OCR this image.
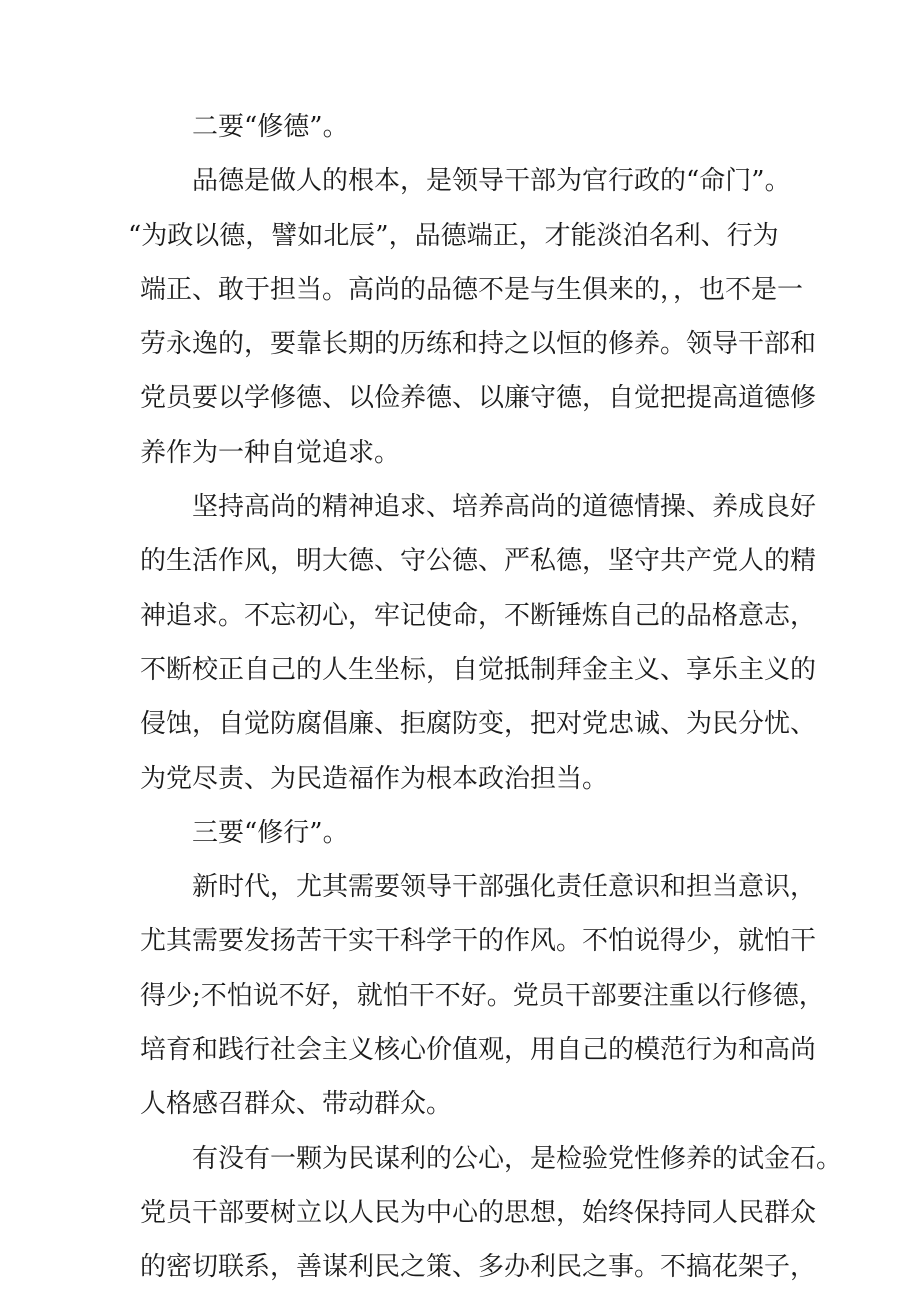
二要“修德”。
品德是做人的根本，是领导干部为官行政的“命门”。
“为政以德，譬如北辰”，品德端正，才能淡泊名利、行为
端正、敢于担当。高尚的品德不是与生俱来的，，也不是一
劳永逸的，要靠长期的历练和持之以恒的修养。领导干部和
党员要以学修德、以俭养德、以廉守德，自觉把提高道德修
养作为一种自觉追求。
坚持高尚的精神追求、培养高尚的道德情操、养成良好
的生活作风，明大德、守公德、严私德，坚守共产党人的精
神追求。不忘初心，牢记使命，不断锤炼自己的品格意志，
不断校正自己的人生坐标，自觉抵制拜金主义、享乐主义的
侵蚀，自觉防腐倡廉、拒腐防变，把对党忠诚、为民分忧、
为党尽责、为民造福作为根本政治担当。
三要“修行”。
新时代，尤其需要领导干部强化责任意识和担当意识，
尤其需要发扬苦干实干科学干的作风。不怕说得少，就怕干
得少;不怕说不好，就怕干不好。党员干部要注重以行修德，
培育和践行社会主义核心价值观，用自己的模范行为和高尚
人格感召群众、带动群众。
有没有一颗为民谋利的公心，是检验党性修养的试金石。
党员干部要树立以人民为中心的思想，始终保持同人民群众
的密切联系，善谋利民之策、多办利民之事。不搞花架子，
